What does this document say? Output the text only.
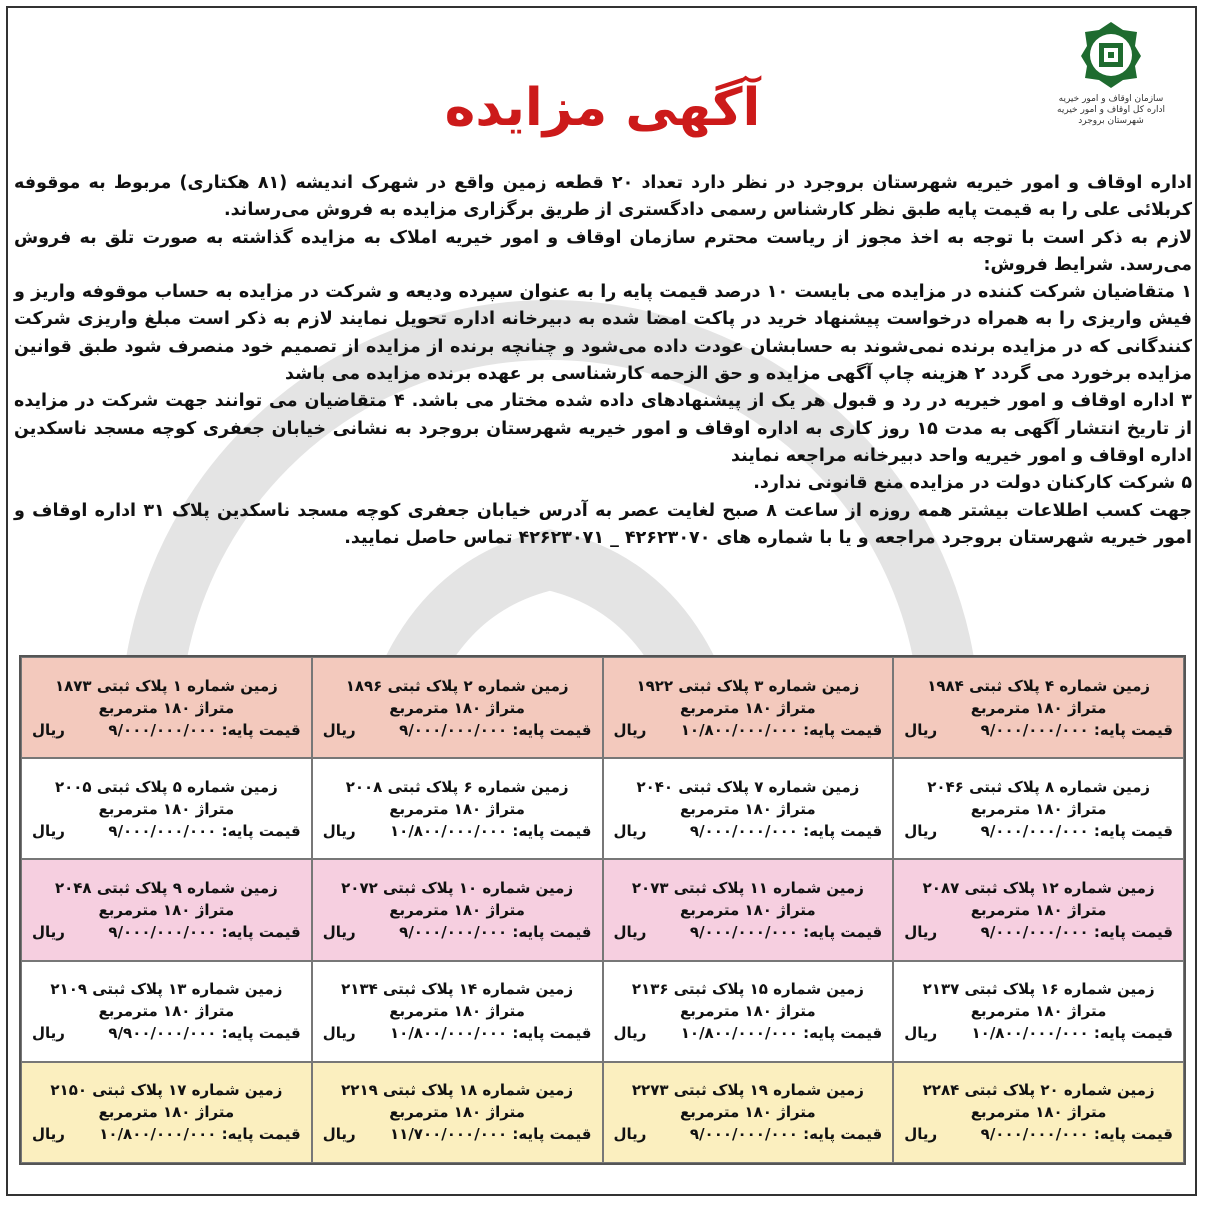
سازمان اوقاف و امور خیریه
اداره کل اوقاف و امور خیریه شهرستان بروجرد
آگهی مزایده

اداره اوقاف و امور خیریه شهرستان بروجرد در نظر دارد تعداد ۲۰ قطعه زمین واقع در شهرک اندیشه (۸۱ هکتاری) مربوط به موقوفه کربلائی علی را به قیمت پایه طبق نظر کارشناس رسمی دادگستری از طریق برگزاری مزایده به فروش می‌رساند.

لازم به ذکر است با توجه به اخذ مجوز از ریاست محترم سازمان اوقاف و امور خیریه املاک به مزایده گذاشته به صورت تلق به فروش می‌رسد. شرایط فروش:

۱ متقاضیان شرکت کننده در مزایده می بایست ۱۰ درصد قیمت پایه را به عنوان سپرده ودیعه و شرکت در مزایده به حساب موقوفه واریز و فیش واریزی را به همراه درخواست پیشنهاد خرید در پاکت امضا شده به دبیرخانه اداره تحویل نمایند لازم به ذکر است مبلغ واریزی شرکت کنندگانی که در مزایده برنده نمی‌شوند به حسابشان عودت داده می‌شود و چنانچه برنده از مزایده از تصمیم خود منصرف شود طبق قوانین مزایده برخورد می گردد ۲ هزینه چاپ آگهی مزایده و حق الزحمه کارشناسی بر عهده برنده مزایده می باشد

۳ اداره اوقاف و امور خیریه در رد و قبول هر یک از پیشنهادهای داده شده مختار می باشد. ۴ متقاضیان می توانند جهت شرکت در مزایده از تاریخ انتشار آگهی به مدت ۱۵ روز کاری به اداره اوقاف و امور خیریه شهرستان بروجرد به نشانی خیابان جعفری کوچه مسجد ناسکدین اداره اوقاف و امور خیریه واحد دبیرخانه مراجعه نمایند

۵ شرکت کارکنان دولت در مزایده منع قانونی ندارد.

جهت کسب اطلاعات بیشتر همه روزه از ساعت ۸ صبح لغایت عصر به آدرس خیابان جعفری کوچه مسجد ناسکدین پلاک ۳۱ اداره اوقاف و امور خیریه شهرستان بروجرد مراجعه و یا با شماره های ۴۲۶۲۳۰۷۰ _ ۴۲۶۲۳۰۷۱ تماس حاصل نمایید.

زمین شماره ۱ پلاک ثبتی ۱۸۷۳
متراژ ۱۸۰ مترمربع
قیمت پایه: ۹/۰۰۰/۰۰۰/۰۰۰
ریال
زمین شماره ۲ پلاک ثبتی ۱۸۹۶
متراژ ۱۸۰ مترمربع
قیمت پایه: ۹/۰۰۰/۰۰۰/۰۰۰
ریال
زمین شماره ۳ پلاک ثبتی ۱۹۲۲
متراژ ۱۸۰ مترمربع
قیمت پایه: ۱۰/۸۰۰/۰۰۰/۰۰۰
ریال
زمین شماره ۴ پلاک ثبتی ۱۹۸۴
متراژ ۱۸۰ مترمربع
قیمت پایه: ۹/۰۰۰/۰۰۰/۰۰۰
ریال
زمین شماره ۵ پلاک ثبتی ۲۰۰۵
متراژ ۱۸۰ مترمربع
قیمت پایه: ۹/۰۰۰/۰۰۰/۰۰۰
ریال
زمین شماره ۶ پلاک ثبتی ۲۰۰۸
متراژ ۱۸۰ مترمربع
قیمت پایه: ۱۰/۸۰۰/۰۰۰/۰۰۰
ریال
زمین شماره ۷ پلاک ثبتی ۲۰۴۰
متراژ ۱۸۰ مترمربع
قیمت پایه: ۹/۰۰۰/۰۰۰/۰۰۰
ریال
زمین شماره ۸ پلاک ثبتی ۲۰۴۶
متراژ ۱۸۰ مترمربع
قیمت پایه: ۹/۰۰۰/۰۰۰/۰۰۰
ریال
زمین شماره ۹ پلاک ثبتی ۲۰۴۸
متراژ ۱۸۰ مترمربع
قیمت پایه: ۹/۰۰۰/۰۰۰/۰۰۰
ریال
زمین شماره ۱۰ پلاک ثبتی ۲۰۷۲
متراژ ۱۸۰ مترمربع
قیمت پایه: ۹/۰۰۰/۰۰۰/۰۰۰
ریال
زمین شماره ۱۱ پلاک ثبتی ۲۰۷۳
متراژ ۱۸۰ مترمربع
قیمت پایه: ۹/۰۰۰/۰۰۰/۰۰۰
ریال
زمین شماره ۱۲ پلاک ثبتی ۲۰۸۷
متراژ ۱۸۰ مترمربع
قیمت پایه: ۹/۰۰۰/۰۰۰/۰۰۰
ریال
زمین شماره ۱۳ پلاک ثبتی ۲۱۰۹
متراژ ۱۸۰ مترمربع
قیمت پایه: ۹/۹۰۰/۰۰۰/۰۰۰
ریال
زمین شماره ۱۴ پلاک ثبتی ۲۱۳۴
متراژ ۱۸۰ مترمربع
قیمت پایه: ۱۰/۸۰۰/۰۰۰/۰۰۰
ریال
زمین شماره ۱۵ پلاک ثبتی ۲۱۳۶
متراژ ۱۸۰ مترمربع
قیمت پایه: ۱۰/۸۰۰/۰۰۰/۰۰۰
ریال
زمین شماره ۱۶ پلاک ثبتی ۲۱۳۷
متراژ ۱۸۰ مترمربع
قیمت پایه: ۱۰/۸۰۰/۰۰۰/۰۰۰
ریال
زمین شماره ۱۷ پلاک ثبتی ۲۱۵۰
متراژ ۱۸۰ مترمربع
قیمت پایه: ۱۰/۸۰۰/۰۰۰/۰۰۰
ریال
زمین شماره ۱۸ پلاک ثبتی ۲۲۱۹
متراژ ۱۸۰ مترمربع
قیمت پایه: ۱۱/۷۰۰/۰۰۰/۰۰۰
ریال
زمین شماره ۱۹ پلاک ثبتی ۲۲۷۳
متراژ ۱۸۰ مترمربع
قیمت پایه: ۹/۰۰۰/۰۰۰/۰۰۰
ریال
زمین شماره ۲۰ پلاک ثبتی ۲۲۸۴
متراژ ۱۸۰ مترمربع
قیمت پایه: ۹/۰۰۰/۰۰۰/۰۰۰
ریال
